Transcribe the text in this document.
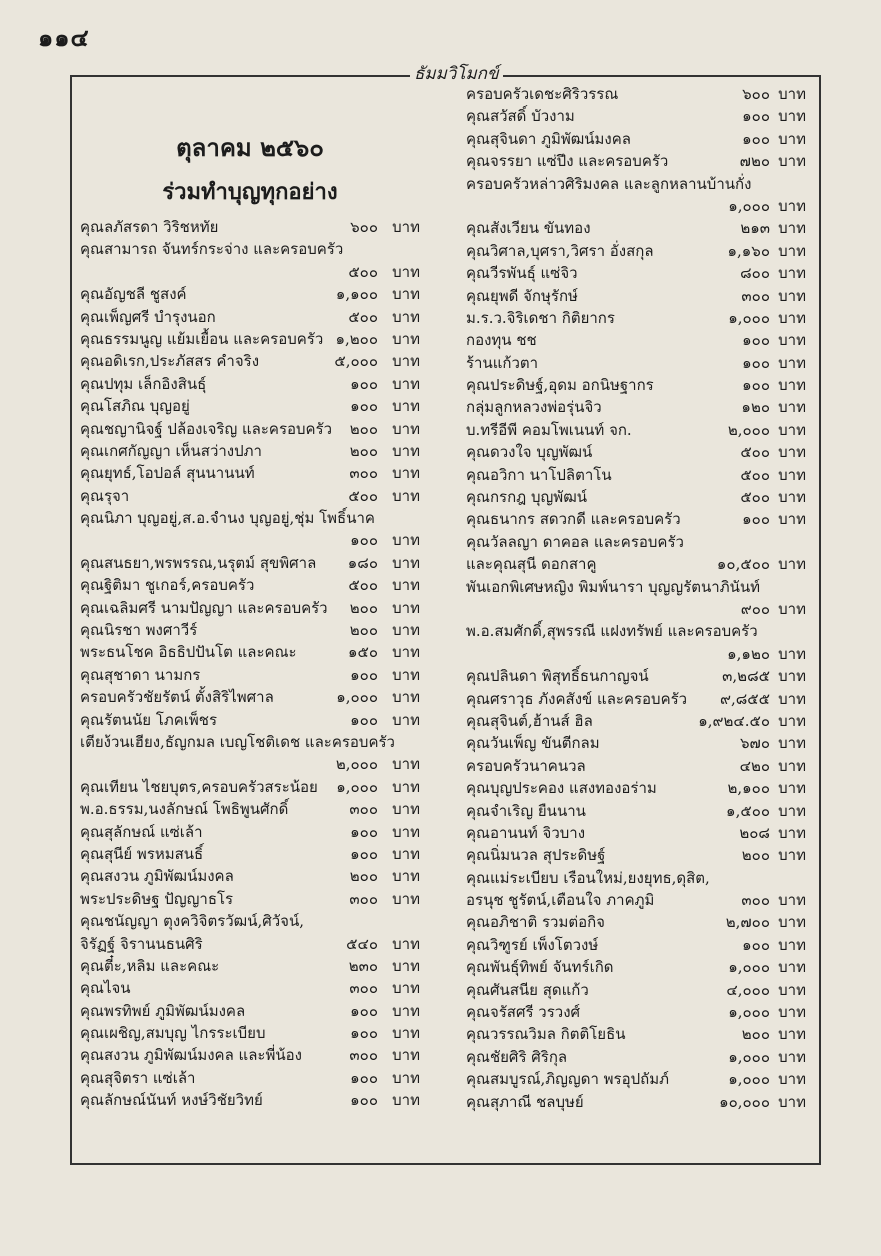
๑๑๔
ธัมมวิโมกข์
ตุลาคม ๒๕๖๐
ร่วมทำบุญทุกอย่าง
คุณลภัสรดา วิริชหทัย	๖๐๐ บาท
คุณสามารถ จันทร์กระจ่าง และครอบครัว
๕๐๐ บาท
คุณอัญชลี ชูสงค์	๑,๑๐๐ บาท
คุณเพ็ญศรี บำรุงนอก	๕๐๐ บาท
คุณธรรมนูญ แย้มเยื้อน และครอบครัว ๑,๒๐๐ บาท
คุณอดิเรก,ประภัสสร คำจริง	๕,๐๐๐ บาท
คุณปทุม เล็กอิงสินธุ์	๑๐๐ บาท
คุณโสภิณ บุญอยู่	๑๐๐ บาท
คุณชญานิจฐ์ ปล้องเจริญ และครอบครัว ๒๐๐ บาท
คุณเกศกัญญา เห็นสว่างปภา	๒๐๐ บาท
คุณยุทธ์,โอปอล์ สุนนานนท์	๓๐๐ บาท
คุณรุจา	๕๐๐ บาท
คุณนิภา บุญอยู่,ส.อ.จำนง บุญอยู่,ชุ่ม โพธิ์นาค
๑๐๐ บาท
คุณสนธยา,พรพรรณ,นรุตม์ สุขพิศาล ๑๘๐ บาท
คุณฐิติมา ชูเกอร์,ครอบครัว	๕๐๐ บาท
คุณเฉลิมศรี นามปัญญา และครอบครัว ๒๐๐ บาท
คุณนิรชา พงศาวีร์	๒๐๐ บาท
พระธนโชค อิธธิปปันโต และคณะ	๑๕๐ บาท
คุณสุชาดา นามกร	๑๐๐ บาท
ครอบครัวชัยรัตน์ ตั้งสิริไพศาล	๑,๐๐๐ บาท
คุณรัตนนัย โภคเพ็ชร	๑๐๐ บาท
เตียง้วนเฮียง,ธัญกมล เบญโชติเดช และครอบครัว
๒,๐๐๐ บาท
คุณเทียน ไชยบุตร,ครอบครัวสระน้อย ๑,๐๐๐ บาท
พ.อ.ธรรม,นงลักษณ์ โพธิพูนศักดิ์	๓๐๐ บาท
คุณสุลักษณ์ แซ่เล้า	๑๐๐ บาท
คุณสุนีย์ พรหมสนธิ์	๑๐๐ บาท
คุณสงวน ภูมิพัฒน์มงคล	๒๐๐ บาท
พระประดิษฐ ปัญญาธโร	๓๐๐ บาท
คุณชนัญญา ตุงควิจิตรวัฒน์,ศิวัจน์,
จิรัฏฐ์ จิรานนธนศิริ	๕๔๐ บาท
คุณตี๋ะ,หลิม และคณะ	๒๓๐ บาท
คุณไจน	๓๐๐ บาท
คุณพรทิพย์ ภูมิพัฒน์มงคล	๑๐๐ บาท
คุณเผชิญ,สมบุญ ไกรระเบียบ	๑๐๐ บาท
คุณสงวน ภูมิพัฒน์มงคล และพี่น้อง	๓๐๐ บาท
คุณสุจิตรา แซ่เล้า	๑๐๐ บาท
คุณลักษณ์นันท์ หงษ์วิชัยวิทย์	๑๐๐ บาท
ครอบครัวเดชะศิริวรรณ	๖๐๐ บาท
คุณสวัสดิ์ บัวงาม	๑๐๐ บาท
คุณสุจินดา ภูมิพัฒน์มงคล	๑๐๐ บาท
คุณจรรยา แซ่ปึง และครอบครัว	๗๒๐ บาท
ครอบครัวหล่าวศิริมงคล และลูกหลานบ้านกั่ง
๑,๐๐๐ บาท
คุณสังเวียน ขันทอง	๒๑๓ บาท
คุณวิศาล,บุศรา,วิศรา อั่งสกุล	๑,๑๖๐ บาท
คุณวีรพันธุ์ แซ่จิว	๘๐๐ บาท
คุณยุพดี จักษุรักษ์	๓๐๐ บาท
ม.ร.ว.จิริเดชา กิติยากร	๑,๐๐๐ บาท
กองทุน ชช	๑๐๐ บาท
ร้านแก้วตา	๑๐๐ บาท
คุณประดิษฐ์,อุดม อกนิษฐากร	๑๐๐ บาท
กลุ่มลูกหลวงพ่อรุ่นจิว	๑๒๐ บาท
บ.ทรีอีพี คอมโพเนนท์ จก.	๒,๐๐๐ บาท
คุณดวงใจ บุญพัฒน์	๕๐๐ บาท
คุณอวิกา นาโปลิตาโน	๕๐๐ บาท
คุณกรกฎ บุญพัฒน์	๕๐๐ บาท
คุณธนากร สดวกดี และครอบครัว	๑๐๐ บาท
คุณวัลลญา ดาคอล และครอบครัว
และคุณสุนี ดอกสาคู	๑๐,๕๐๐ บาท
พันเอกพิเศษหญิง พิมพ์นารา บุญญรัตนาภินันท์
๙๐๐ บาท
พ.อ.สมศักดิ์,สุพรรณี แฝงทรัพย์ และครอบครัว
๑,๑๒๐ บาท
คุณปลินดา พิสุทธิ์ธนกาญจน์	๓,๒๘๕ บาท
คุณศราวุธ ภังคสังข์ และครอบครัว ๙,๘๕๕ บาท
คุณสุจินต์,ฮ้านส์ ฮิล	๑,๙๒๔.๕๐ บาท
คุณวันเพ็ญ ขันตีกลม	๖๗๐ บาท
ครอบครัวนาคนวล	๔๒๐ บาท
คุณบุญประคอง แสงทองอร่าม	๒,๑๐๐ บาท
คุณจำเริญ ยืนนาน	๑,๕๐๐ บาท
คุณอานนท์ จิวบาง	๒๐๘ บาท
คุณนิ่มนวล สุประดิษฐ์	๒๐๐ บาท
คุณแม่ระเบียบ เรือนใหม่,ยงยุทธ,ดุสิต,
อรนุช ชูรัตน์,เตือนใจ ภาคภูมิ	๓๐๐ บาท
คุณอภิชาติ รวมต่อกิจ	๒,๗๐๐ บาท
คุณวิฑูรย์ เพ็งโตวงษ์	๑๐๐ บาท
คุณพันธุ์ทิพย์ จันทร์เกิด	๑,๐๐๐ บาท
คุณศันสนีย สุดแก้ว	๔,๐๐๐ บาท
คุณจรัสศรี วรวงศ์	๑,๐๐๐ บาท
คุณวรรณวิมล กิตติโยธิน	๒๐๐ บาท
คุณชัยศิริ ศิริกุล	๑,๐๐๐ บาท
คุณสมบูรณ์,ภิญญดา พรอุปถัมภ์	๑,๐๐๐ บาท
คุณสุภาณี ชลบุษย์	๑๐,๐๐๐ บาท
